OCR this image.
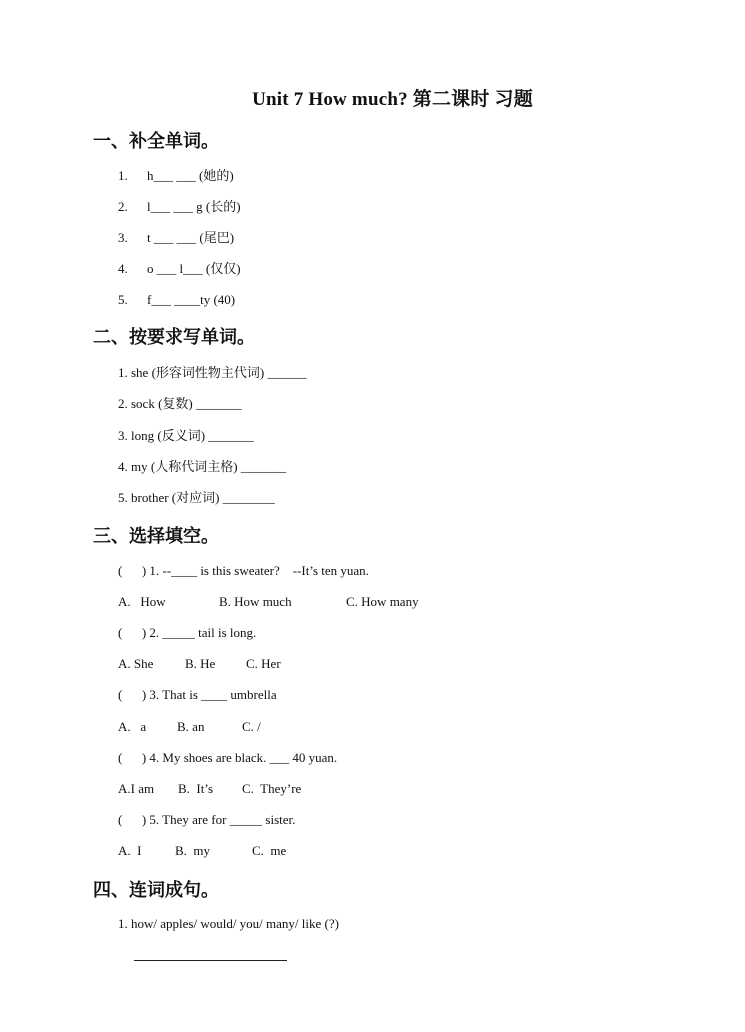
Unit 7 How much? 第二课时 习题
一、补全单词。
1. h___ ___ (她的)
2. l___ ___ g (长的)
3. t ___ ___ (尾巴)
4. o ___ l___ (仅仅)
5. f___ ____ty (40)
二、按要求写单词。
1. she (形容词性物主代词) ______
2. sock (复数) _______
3. long (反义词) _______
4. my (人称代词主格) _______
5. brother (对应词) ________
三、选择填空。
(      ) 1. --____ is this sweater?    --It’s ten yuan.
A.   How	B. How much	C. How many
(      ) 2. _____ tail is long.
A. She B. He C. Her
(      ) 3. That is ____ umbrella
A.   a B. an	C. /
(      ) 4. My shoes are black. ___ 40 yuan.
A.I am B.  It’s C.  They’re
(      ) 5. They are for _____ sister.
A.  I	B.  my	C.  me
四、连词成句。
1. how/ apples/ would/ you/ many/ like (?)
